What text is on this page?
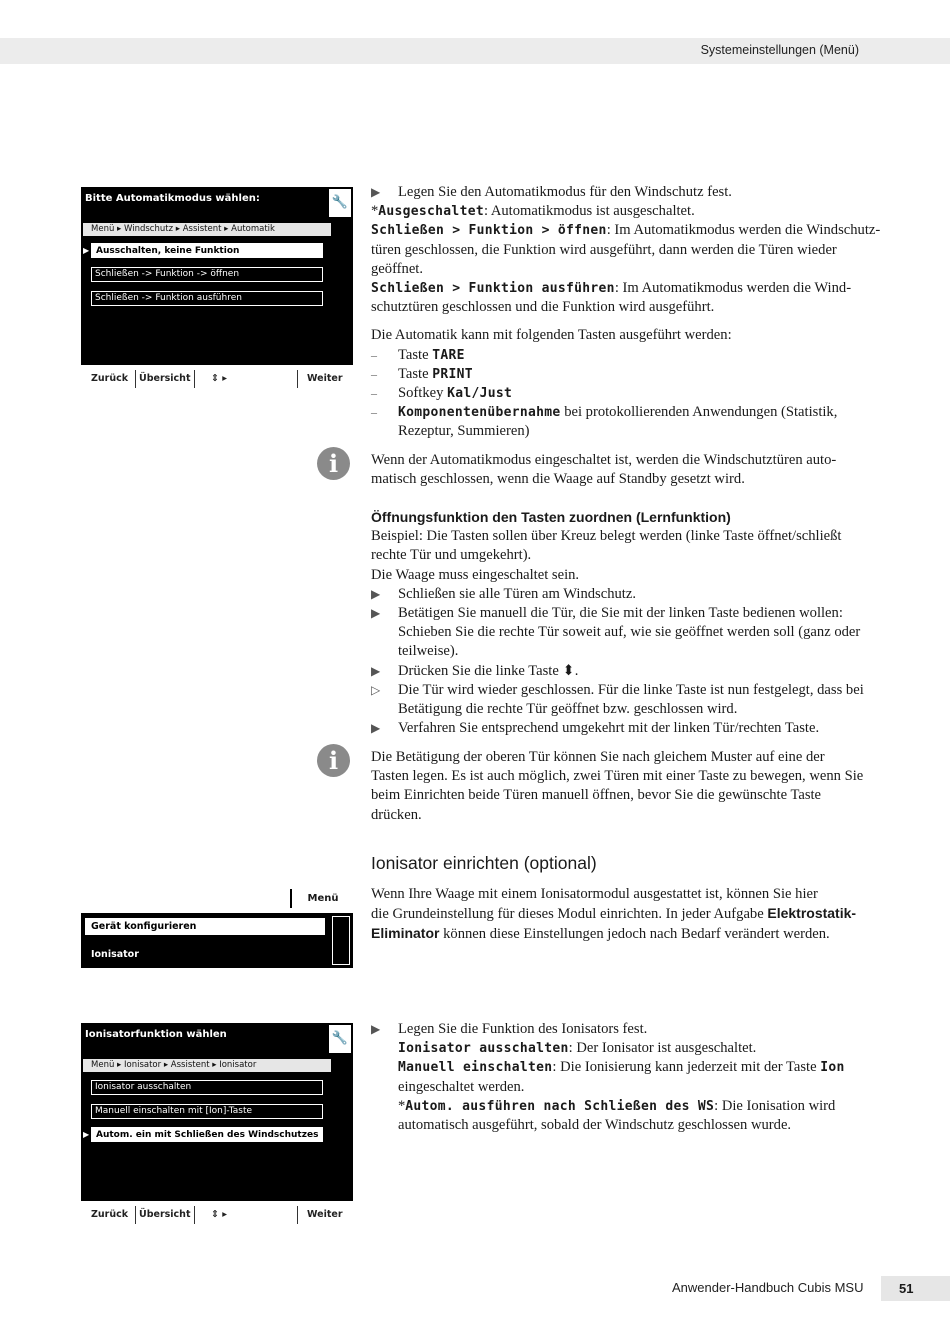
Systemeinstellungen (Menü)
Bitte Automatikmodus wählen:	🔧
Menü ▸ Windschutz ▸ Assistent ▸ Automatik
▶ Ausschalten, keine Funktion
Schließen -> Funktion -> öffnen
Schließen -> Funktion ausführen
Zurück Übersicht ⇕ ▸	Weiter
▶ Legen Sie den Automatikmodus für den Windschutz fest.
*Ausgeschaltet: Automatikmodus ist ausgeschaltet.
Schließen > Funktion > öffnen: Im Automatikmodus werden die Windschutz-
türen geschlossen, die Funktion wird ausgeführt, dann werden die Türen wieder
geöffnet.
Schließen > Funktion ausführen: Im Automatikmodus werden die Wind-
schutztüren geschlossen und die Funktion wird ausgeführt.
Die Automatik kann mit folgenden Tasten ausgeführt werden:
– Taste TARE
– Taste PRINT
– Softkey Kal/Just
– Komponentenübernahme bei protokollierenden Anwendungen (Statistik,
Rezeptur, Summieren)
i	Wenn der Automatikmodus eingeschaltet ist, werden die Windschutztüren auto-
matisch geschlossen, wenn die Waage auf Standby gesetzt wird.
Öffnungsfunktion den Tasten zuordnen (Lernfunktion)
Beispiel: Die Tasten sollen über Kreuz belegt werden (linke Taste öffnet/schließt
rechte Tür und umgekehrt).
Die Waage muss eingeschaltet sein.
▶ Schließen sie alle Türen am Windschutz.
▶ Betätigen Sie manuell die Tür, die Sie mit der linken Taste bedienen wollen:
Schieben Sie die rechte Tür soweit auf, wie sie geöffnet werden soll (ganz oder
teilweise).
▶ Drücken Sie die linke Taste ⬍.
▷ Die Tür wird wieder geschlossen. Für die linke Taste ist nun festgelegt, dass bei
Betätigung die rechte Tür geöffnet bzw. geschlossen wird.
▶ Verfahren Sie entsprechend umgekehrt mit der linken Tür/rechten Taste.
i	Die Betätigung der oberen Tür können Sie nach gleichem Muster auf eine der
Tasten legen. Es ist auch möglich, zwei Türen mit einer Taste zu bewegen, wenn Sie
beim Einrichten beide Türen manuell öffnen, bevor Sie die gewünschte Taste
drücken.
Ionisator einrichten (optional)
Menü
Gerät konfigurieren
Ionisator
Wenn Ihre Waage mit einem Ionisatormodul ausgestattet ist, können Sie hier
die Grundeinstellung für dieses Modul einrichten. In jeder Aufgabe Elektrostatik-
Eliminator können diese Einstellungen jedoch nach Bedarf verändert werden.
Ionisatorfunktion wählen	🔧
Menü ▸ Ionisator ▸ Assistent ▸ Ionisator
Ionisator ausschalten
Manuell einschalten mit [Ion]-Taste
▶ Autom. ein mit Schließen des Windschutzes
Zurück Übersicht ⇕ ▸	Weiter
▶ Legen Sie die Funktion des Ionisators fest.
Ionisator ausschalten: Der Ionisator ist ausgeschaltet.
Manuell einschalten: Die Ionisierung kann jederzeit mit der Taste Ion
eingeschaltet werden.
*Autom. ausführen nach Schließen des WS: Die Ionisation wird
automatisch ausgeführt, sobald der Windschutz geschlossen wurde.
Anwender-Handbuch Cubis MSU	51
